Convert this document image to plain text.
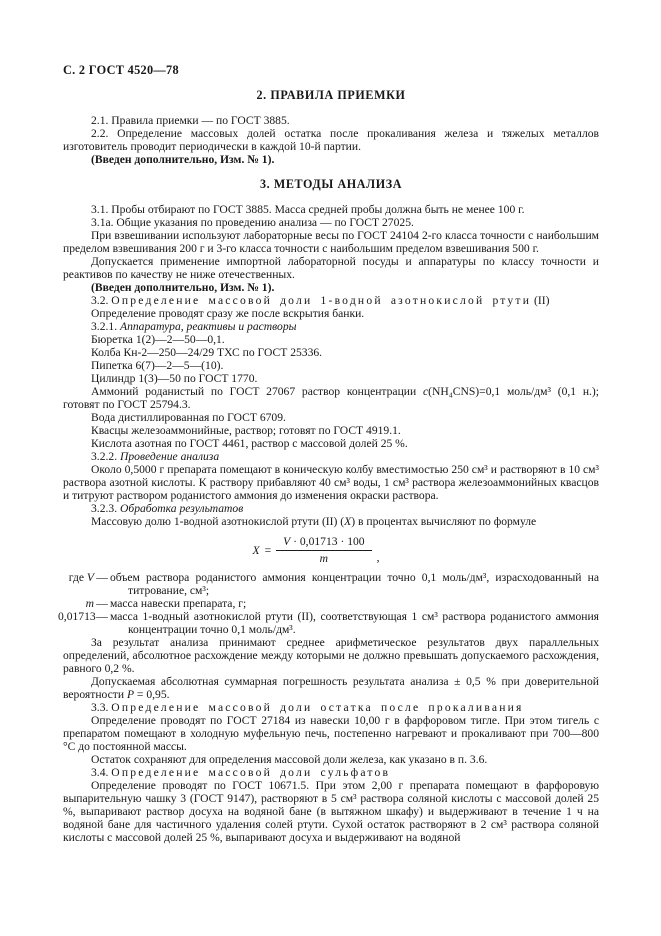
С. 2 ГОСТ 4520—78
2. ПРАВИЛА ПРИЕМКИ

2.1. Правила приемки — по ГОСТ 3885.

2.2. Определение массовых долей остатка после прокаливания железа и тяжелых металлов изготовитель проводит периодически в каждой 10-й партии.

(Введен дополнительно, Изм. № 1).

3. МЕТОДЫ АНАЛИЗА

3.1. Пробы отбирают по ГОСТ 3885. Масса средней пробы должна быть не менее 100 г.

3.1а. Общие указания по проведению анализа — по ГОСТ 27025.

При взвешивании используют лабораторные весы по ГОСТ 24104 2-го класса точности с наибольшим пределом взвешивания 200 г и 3-го класса точности с наибольшим пределом взвешивания 500 г.

Допускается применение импортной лабораторной посуды и аппаратуры по классу точности и реактивов по качеству не ниже отечественных.

(Введен дополнительно, Изм. № 1).

3.2. Определение массовой доли 1-водной азотнокислой ртути (II)

Определение проводят сразу же после вскрытия банки.

3.2.1. Аппаратура, реактивы и растворы

Бюретка 1(2)—2—50—0,1.

Колба Кн-2—250—24/29 ТХС по ГОСТ 25336.

Пипетка 6(7)—2—5—(10).

Цилиндр 1(3)—50 по ГОСТ 1770.

Аммоний роданистый по ГОСТ 27067 раствор концентрации с(NH₄CNS)=0,1 моль/дм³ (0,1 н.); готовят по ГОСТ 25794.3.

Вода дистиллированная по ГОСТ 6709.

Квасцы железоаммонийные, раствор; готовят по ГОСТ 4919.1.

Кислота азотная по ГОСТ 4461, раствор с массовой долей 25 %.

3.2.2. Проведение анализа

Около 0,5000 г препарата помещают в коническую колбу вместимостью 250 см³ и растворяют в 10 см³ раствора азотной кислоты. К раствору прибавляют 40 см³ воды, 1 см³ раствора железоаммонийных квасцов и титруют раствором роданистого аммония до изменения окраски раствора.

3.2.3. Обработка результатов

Массовую долю 1-водной азотнокислой ртути (II) (X) в процентах вычисляют по формуле

$X = \frac{V \cdot 0,01713 \cdot 100}{m}$ ,
где V — объем раствора роданистого аммония концентрации точно 0,1 моль/дм³, израсходованный на титрование, см³;
m — масса навески препарата, г;
0,01713 — масса 1-водный азотнокислой ртути (II), соответствующая 1 см³ раствора роданистого аммония концентрации точно 0,1 моль/дм³.

За результат анализа принимают среднее арифметическое результатов двух параллельных определений, абсолютное расхождение между которыми не должно превышать допускаемого расхождения, равного 0,2 %.

Допускаемая абсолютная суммарная погрешность результата анализа ± 0,5 % при доверительной вероятности P = 0,95.

3.3. Определение массовой доли остатка после прокаливания

Определение проводят по ГОСТ 27184 из навески 10,00 г в фарфоровом тигле. При этом тигель с препаратом помещают в холодную муфельную печь, постепенно нагревают и прокаливают при 700—800 °С до постоянной массы.

Остаток сохраняют для определения массовой доли железа, как указано в п. 3.6.

3.4. Определение массовой доли сульфатов

Определение проводят по ГОСТ 10671.5. При этом 2,00 г препарата помещают в фарфоровую выпарительную чашку 3 (ГОСТ 9147), растворяют в 5 см³ раствора соляной кислоты с массовой долей 25 %, выпаривают раствор досуха на водяной бане (в вытяжном шкафу) и выдерживают в течение 1 ч на водяной бане для частичного удаления солей ртути. Сухой остаток растворяют в 2 см³ раствора соляной кислоты с массовой долей 25 %, выпаривают досуха и выдерживают на водяной
